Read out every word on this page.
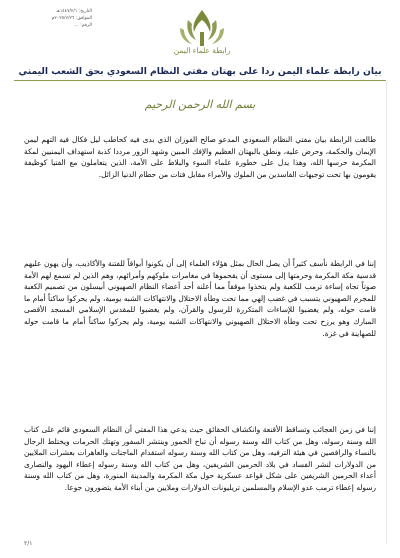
التاريخ: ١٤٤٧/٢/١هـ
الموافق: ٢٠٢٥/٧/٢٦م
الرقم: ...
رابطة علماء اليمن
بيان رابطة علماء اليمن ردا على بهتان مفتي النظام السعودي بحق الشعب اليمني
بسم الله الرحمن الرحيم

طالعت الرابطة بيان مفتي النظام السعودي المدعو صالح الفوزان الذي بدى فيه كحاطب ليل فكال فيه التهم ليمن الإيمان والحكمة، وحرض عليه، ونطق بالبهتان العظيم والإفك المبين وشهد الزور مرددا كذبة استهداف اليمنيين لمكة المكرمة حرسها الله، وهذا يدل على خطورة علماء السوء والبلاط على الأمة، الذين يتعاملون مع الفتيا كوظيفة يقومون بها تحت توجيهات الفاسدين من الملوك والأمراء مقابل فتات من حطام الدنيا الزائل.

إننا في الرابطة نأسف كثيراً أن يصل الحال بمثل هؤلاء العلماء إلى أن يكونوا أبواقاً للفتنة والأكاذيب، وأن يهون عليهم قدسية مكة المكرمة وحرمتها إلى مستوى أن يقحموها في مغامرات ملوكهم وأمرائهم، وهم الذين لم تسمع لهم الأمة صوتاً تجاه إساءة ترمب للكعبة ولم يتخذوا موقفاً مما أعلنه أحد أعضاء النظام الصهيوني أبيسلون من تصميم الكعبة للمجرم الصهيوني يتسبب في غضب إلهي مما تحت وطأة الاحتلال والانتهاكات الشبه يومية، ولم يحركوا ساكناً أمام ما قامت حوله، ولم يغضبوا للإساءات المتكررة للرسول والقرآن، ولم يغضبوا للمقدس الإسلامي المسجد الأقصى المبارك وهو يرزح تحت وطأة الاحتلال الصهيوني والانتهاكات الشبه يومية، ولم يحركوا ساكناً أمام ما قامت حوله للصهاينة في غزة.

إننا في زمن العجائب وتساقط الأقنعة وانكشاف الحقائق حيث يدعي هذا المفتي أن النظام السعودي قائم على كتاب الله وسنة رسوله، وهل من كتاب الله وسنة رسوله أن تباح الخمور وينتشر السفور وتهتك الحرمات ويختلط الرجال بالنساء والراقصين في هيئة الترفيه، وهل من كتاب الله وسنة رسوله استقدام الماجنات والعاهرات بعشرات الملايين من الدولارات لنشر الفساد في بلاد الحرمين الشريفين، وهل من كتاب الله وسنة رسوله إعطاء اليهود والنصارى أعداء الحرمين الشريفين على شكل قواعد عسكرية حول مكة المكرمة والمدينة المنورة، وهل من كتاب الله وسنة رسوله إعطاء ترمب عدو الإسلام والمسلمين تريليونات الدولارات وملايين من أبناء الأمة يتضورون جوعا.

٢/١
